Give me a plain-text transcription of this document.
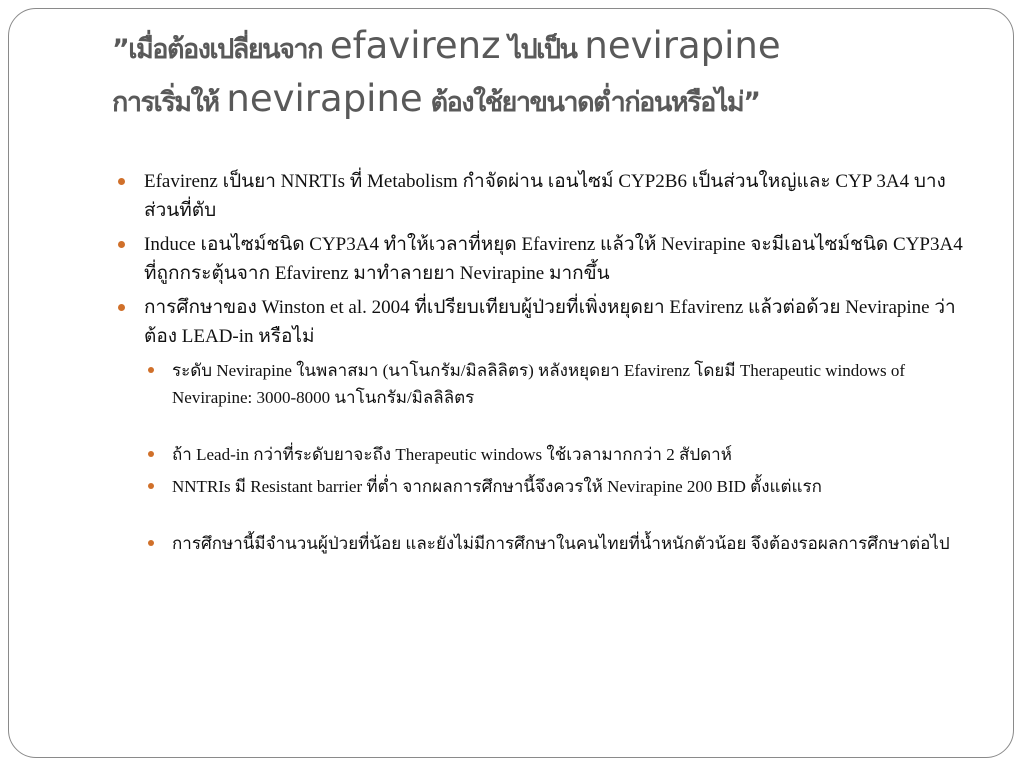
”เมื่อต้องเปลี่ยนจาก efavirenz ไปเป็น nevirapine
การเริ่มให้ nevirapine ต้องใช้ยาขนาดต่ำก่อนหรือไม่”
Efavirenz เป็นยา NNRTIs ที่ Metabolism กำจัดผ่าน เอนไซม์ CYP2B6 เป็นส่วนใหญ่และ CYP 3A4 บางส่วนที่ตับ
Induce เอนไซม์ชนิด CYP3A4 ทำให้เวลาที่หยุด Efavirenz แล้วให้ Nevirapine จะมีเอนไซม์ชนิด CYP3A4 ที่ถูกกระตุ้นจาก Efavirenz มาทำลายยา Nevirapine มากขึ้น
การศึกษาของ Winston et al. 2004 ที่เปรียบเทียบผู้ป่วยที่เพิ่งหยุดยา Efavirenz แล้วต่อด้วย Nevirapine ว่า ต้อง LEAD-in หรือไม่
ระดับ Nevirapine ในพลาสมา (นาโนกรัม/มิลลิลิตร) หลังหยุดยา Efavirenz โดยมี Therapeutic windows of Nevirapine: 3000-8000 นาโนกรัม/มิลลิลิตร
ถ้า Lead-in กว่าที่ระดับยาจะถึง Therapeutic windows ใช้เวลามากกว่า 2 สัปดาห์
NNTRIs มี Resistant barrier ที่ต่ำ จากผลการศึกษานี้จึงควรให้ Nevirapine 200 BID ตั้งแต่แรก
การศึกษานี้มีจำนวนผู้ป่วยที่น้อย และยังไม่มีการศึกษาในคนไทยที่น้ำหนักตัวน้อย จึงต้องรอผลการศึกษาต่อไป
